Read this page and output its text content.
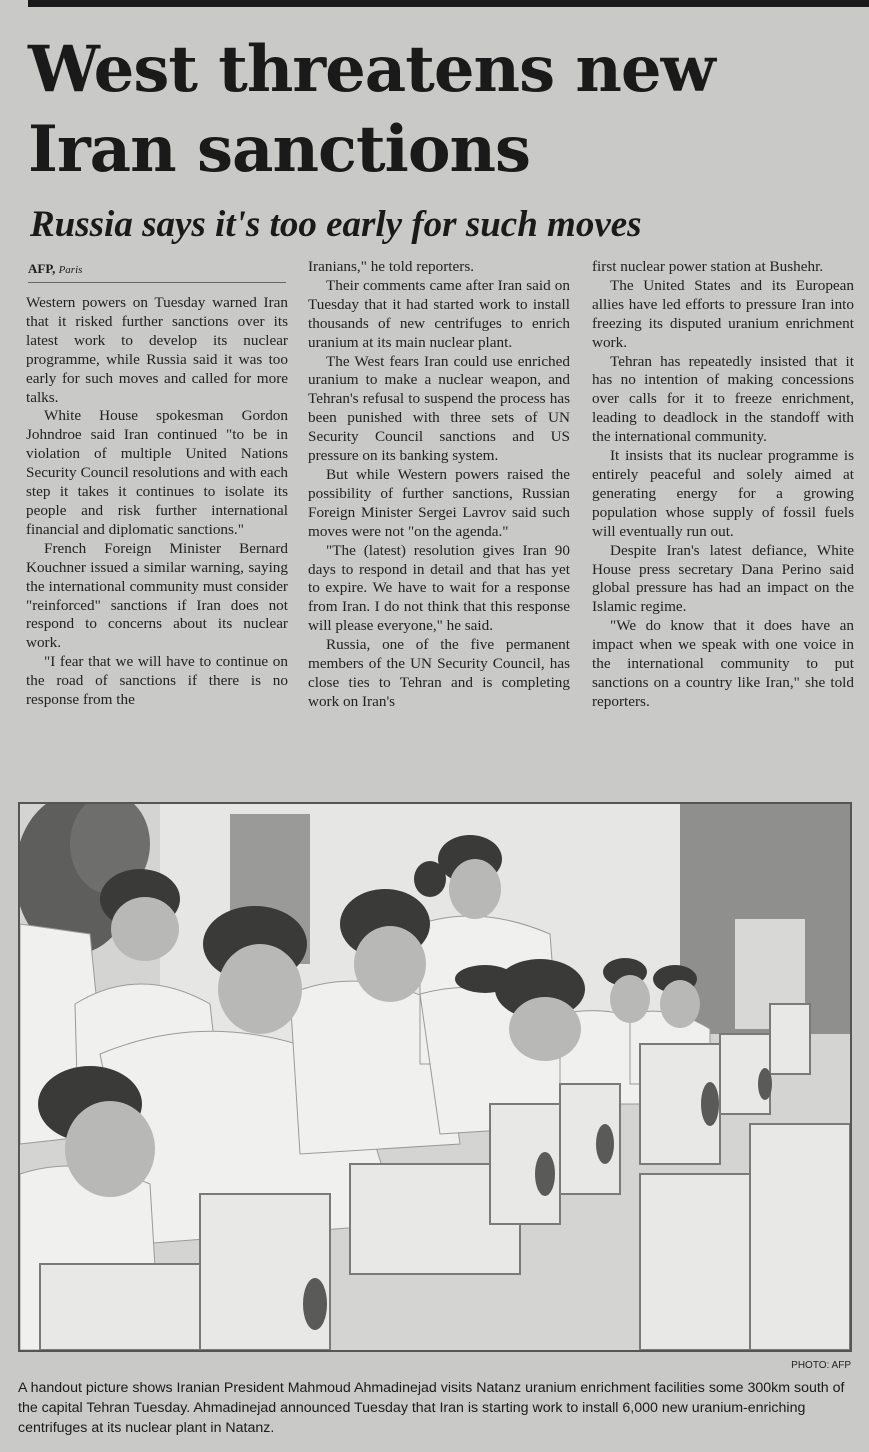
West threatens new Iran sanctions
Russia says it's too early for such moves
AFP, Paris

Western powers on Tuesday warned Iran that it risked further sanctions over its latest work to develop its nuclear programme, while Russia said it was too early for such moves and called for more talks.

White House spokesman Gordon Johndroe said Iran continued "to be in violation of multiple United Nations Security Council resolutions and with each step it takes it continues to isolate its people and risk further international financial and diplomatic sanctions."

French Foreign Minister Bernard Kouchner issued a similar warning, saying the international community must consider "reinforced" sanctions if Iran does not respond to concerns about its nuclear work.

"I fear that we will have to continue on the road of sanctions if there is no response from the

Iranians," he told reporters.

Their comments came after Iran said on Tuesday that it had started work to install thousands of new centrifuges to enrich uranium at its main nuclear plant.

The West fears Iran could use enriched uranium to make a nuclear weapon, and Tehran's refusal to suspend the process has been punished with three sets of UN Security Council sanctions and US pressure on its banking system.

But while Western powers raised the possibility of further sanctions, Russian Foreign Minister Sergei Lavrov said such moves were not "on the agenda."

"The (latest) resolution gives Iran 90 days to respond in detail and that has yet to expire. We have to wait for a response from Iran. I do not think that this response will please everyone," he said.

Russia, one of the five permanent members of the UN Security Council, has close ties to Tehran and is completing work on Iran's

first nuclear power station at Bushehr.

The United States and its European allies have led efforts to pressure Iran into freezing its disputed uranium enrichment work.

Tehran has repeatedly insisted that it has no intention of making concessions over calls for it to freeze enrichment, leading to deadlock in the standoff with the international community.

It insists that its nuclear programme is entirely peaceful and solely aimed at generating energy for a growing population whose supply of fossil fuels will eventually run out.

Despite Iran's latest defiance, White House press secretary Dana Perino said global pressure has had an impact on the Islamic regime.

"We do know that it does have an impact when we speak with one voice in the international community to put sanctions on a country like Iran," she told reporters.

PHOTO: AFP
A handout picture shows Iranian President Mahmoud Ahmadinejad visits Natanz uranium enrichment facilities some 300km south of the capital Tehran Tuesday. Ahmadinejad announced Tuesday that Iran is starting work to install 6,000 new uranium-enriching centrifuges at its nuclear plant in Natanz.
